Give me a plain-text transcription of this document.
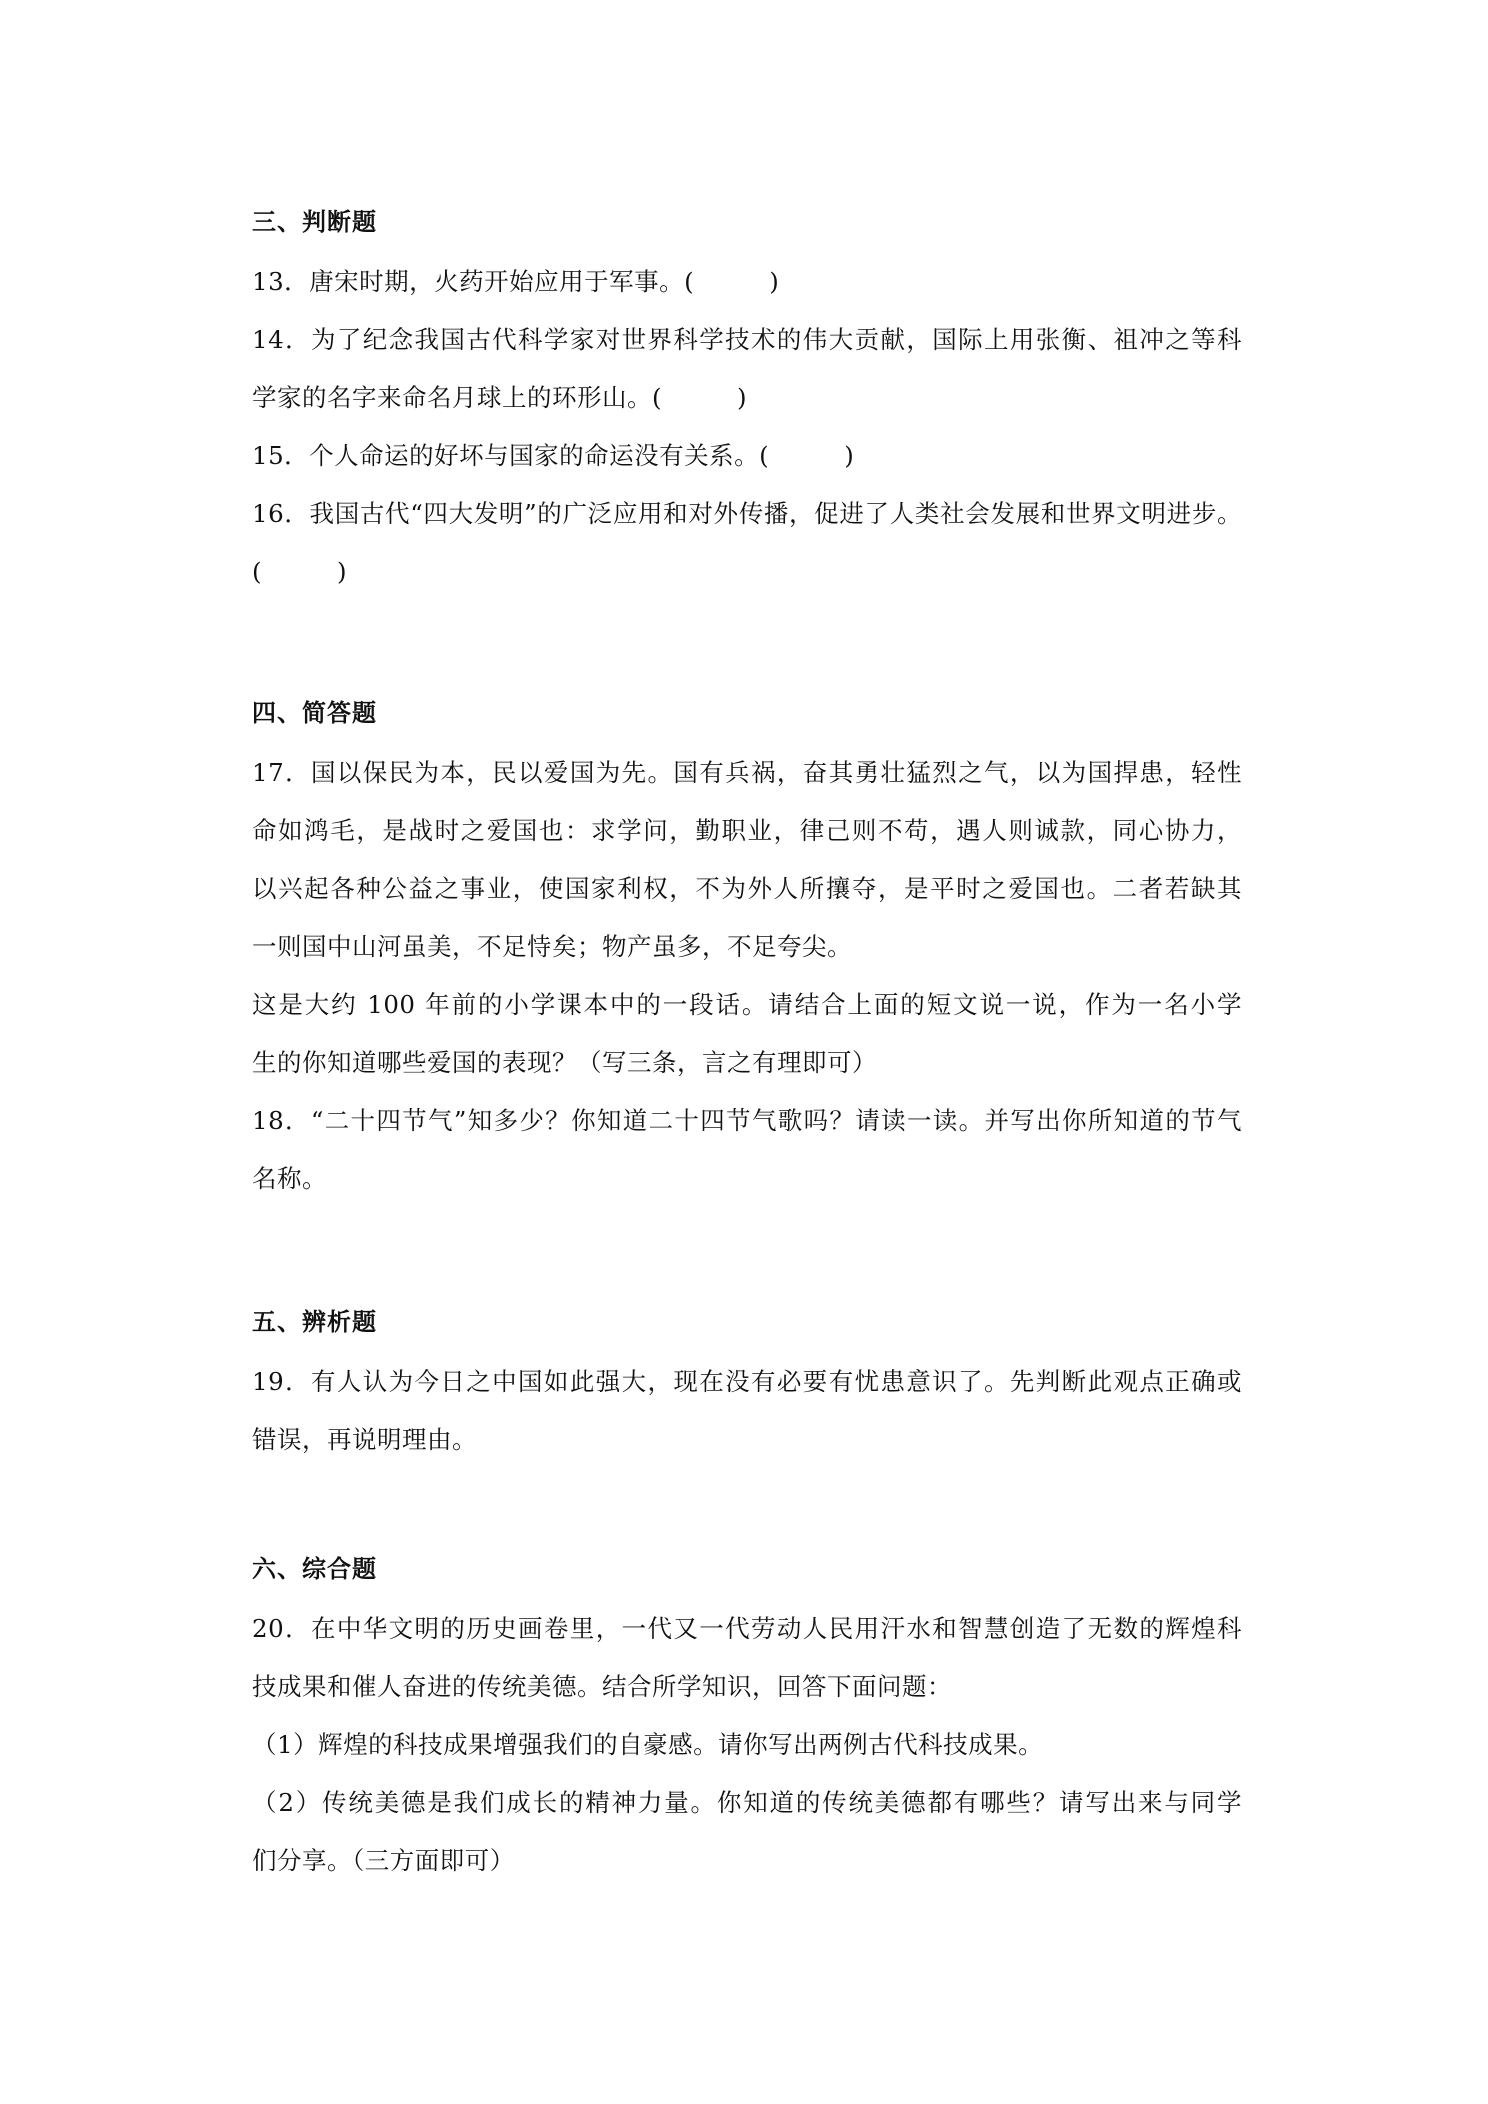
三、判断题
13．唐宋时期，火药开始应用于军事。(　　　)
14．为了纪念我国古代科学家对世界科学技术的伟大贡献，国际上用张衡、祖冲之等科
学家的名字来命名月球上的环形山。(　　　)
15．个人命运的好坏与国家的命运没有关系。(　　　)
16．我国古代“四大发明”的广泛应用和对外传播，促进了人类社会发展和世界文明进步。
(　　　)
四、简答题
17．国以保民为本，民以爱国为先。国有兵祸，奋其勇壮猛烈之气，以为国捍患，轻性
命如鸿毛，是战时之爱国也：求学问，勤职业，律己则不苟，遇人则诚款，同心协力，
以兴起各种公益之事业，使国家利权，不为外人所攘夺，是平时之爱国也。二者若缺其
一则国中山河虽美，不足恃矣；物产虽多，不足夸尖。
这是大约 100 年前的小学课本中的一段话。请结合上面的短文说一说，作为一名小学
生的你知道哪些爱国的表现？（写三条，言之有理即可）
18．“二十四节气”知多少？你知道二十四节气歌吗？请读一读。并写出你所知道的节气
名称。
五、辨析题
19．有人认为今日之中国如此强大，现在没有必要有忧患意识了。先判断此观点正确或
错误，再说明理由。
六、综合题
20．在中华文明的历史画卷里，一代又一代劳动人民用汗水和智慧创造了无数的辉煌科
技成果和催人奋进的传统美德。结合所学知识，回答下面问题：
（1）辉煌的科技成果增强我们的自豪感。请你写出两例古代科技成果。
（2）传统美德是我们成长的精神力量。你知道的传统美德都有哪些？请写出来与同学
们分享。（三方面即可）
